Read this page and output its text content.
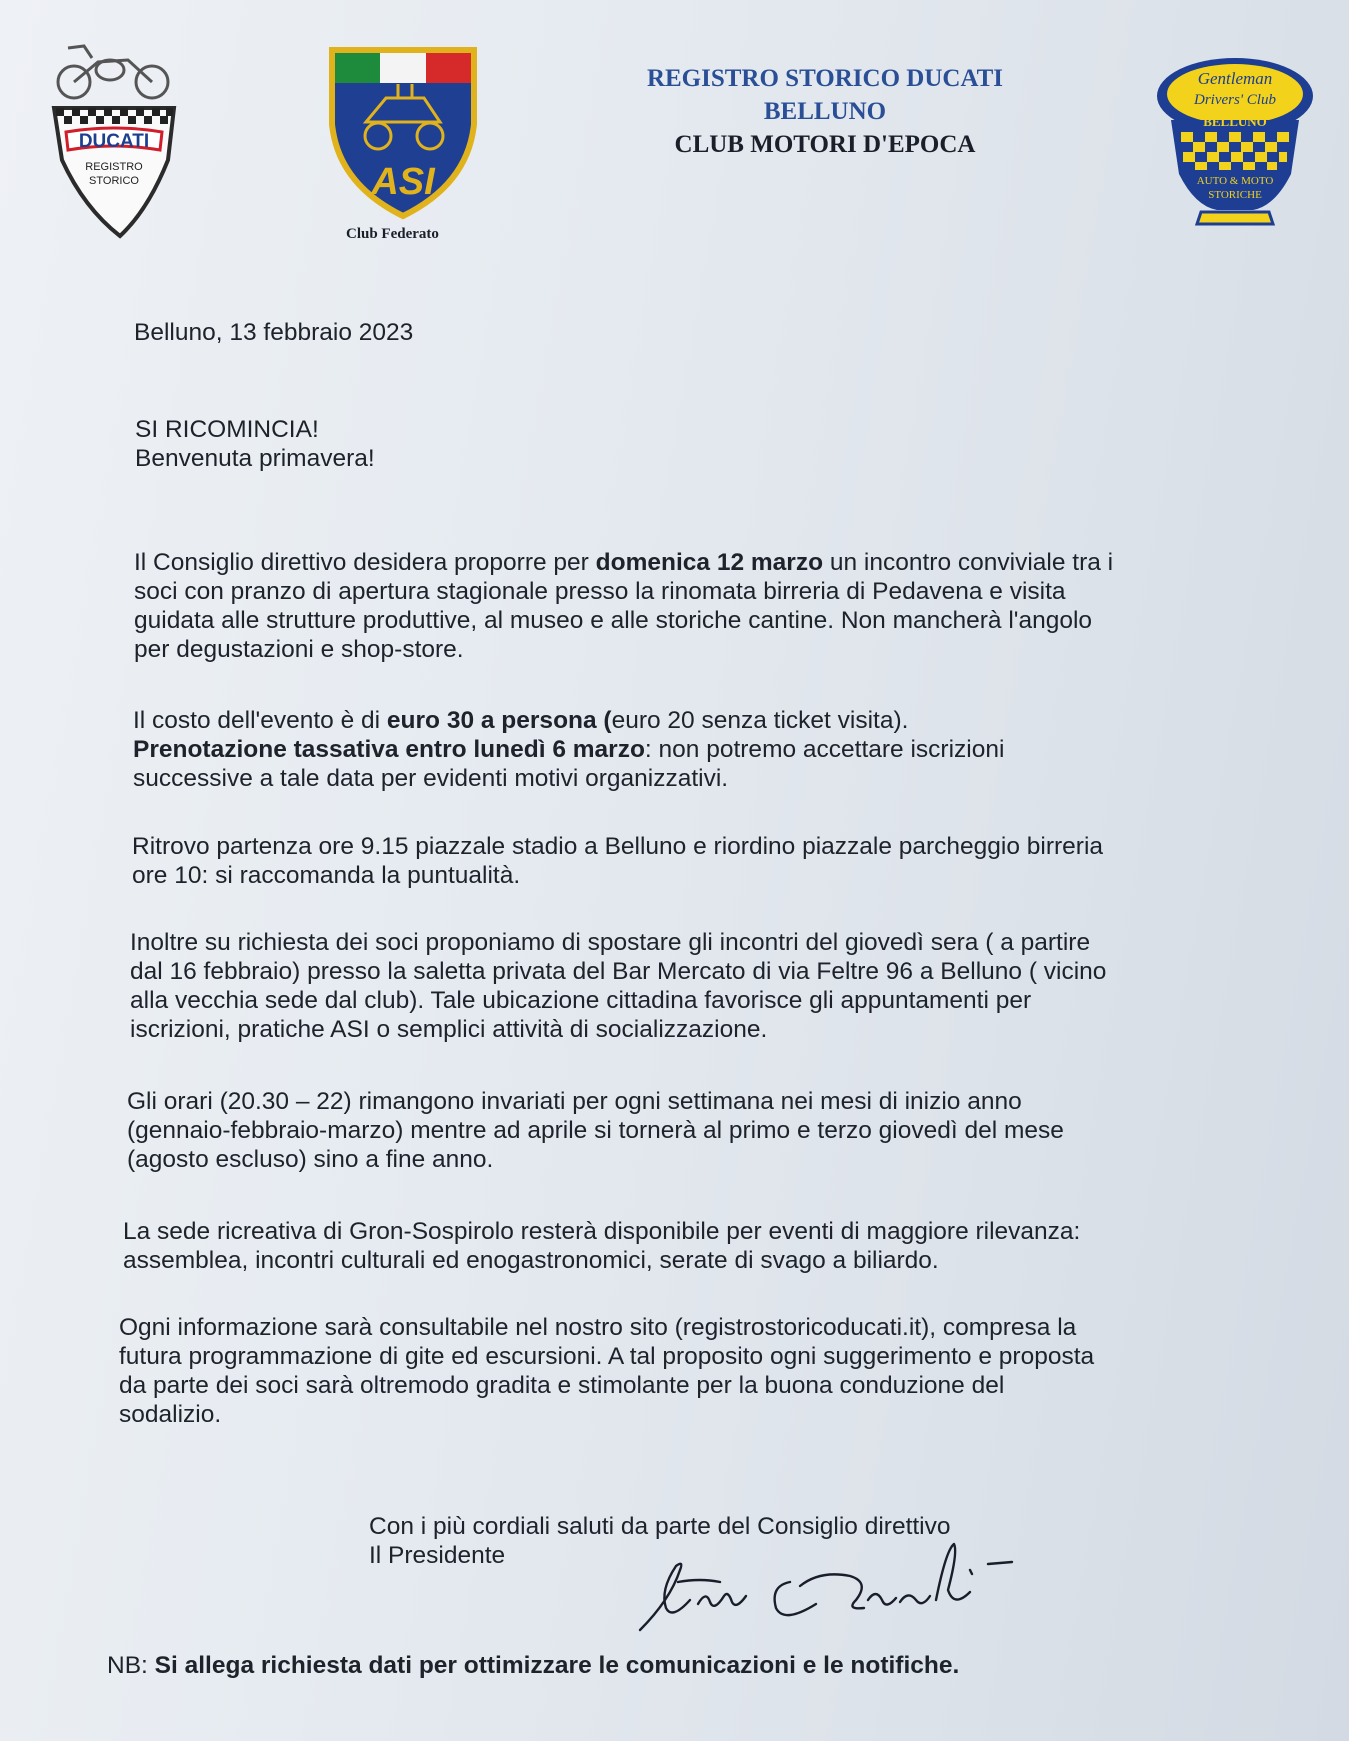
DUCATI
REGISTRO
STORICO	ASI
Club Federato
REGISTRO STORICO DUCATI
BELLUNO
CLUB MOTORI D'EPOCA
Gentleman
Drivers' Club
BELLUNO
AUTO & MOTO
STORICHE
Belluno, 13 febbraio 2023

SI RICOMINCIA!

Benvenuta primavera!

Il Consiglio direttivo desidera proporre per domenica 12 marzo un incontro conviviale tra i

soci con pranzo di apertura stagionale presso la rinomata birreria di Pedavena e visita

guidata alle strutture produttive, al museo e alle storiche cantine. Non mancherà l'angolo

per degustazioni e shop-store.

Il costo dell'evento è di euro 30 a persona (euro 20 senza ticket visita).

Prenotazione tassativa entro lunedì 6 marzo: non potremo accettare iscrizioni

successive a tale data per evidenti motivi organizzativi.

Ritrovo partenza ore 9.15 piazzale stadio a Belluno e riordino piazzale parcheggio birreria

ore 10: si raccomanda la puntualità.

Inoltre su richiesta dei soci proponiamo di spostare gli incontri del giovedì sera ( a partire

dal 16 febbraio) presso la saletta privata del Bar Mercato di via Feltre 96 a Belluno ( vicino

alla vecchia sede dal club). Tale ubicazione cittadina favorisce gli appuntamenti per

iscrizioni, pratiche ASI o semplici attività di socializzazione.

Gli orari (20.30 – 22) rimangono invariati per ogni settimana nei mesi di inizio anno

(gennaio-febbraio-marzo) mentre ad aprile si tornerà al primo e terzo giovedì del mese

(agosto escluso) sino a fine anno.

La sede ricreativa di Gron-Sospirolo resterà disponibile per eventi di maggiore rilevanza:

assemblea, incontri culturali ed enogastronomici, serate di svago a biliardo.

Ogni informazione sarà consultabile nel nostro sito (registrostoricoducati.it), compresa la

futura programmazione di gite ed escursioni. A tal proposito ogni suggerimento e proposta

da parte dei soci sarà oltremodo gradita e stimolante per la buona conduzione del

sodalizio.

Con i più cordiali saluti da parte del Consiglio direttivo

Il Presidente

NB: Si allega richiesta dati per ottimizzare le comunicazioni e le notifiche.
